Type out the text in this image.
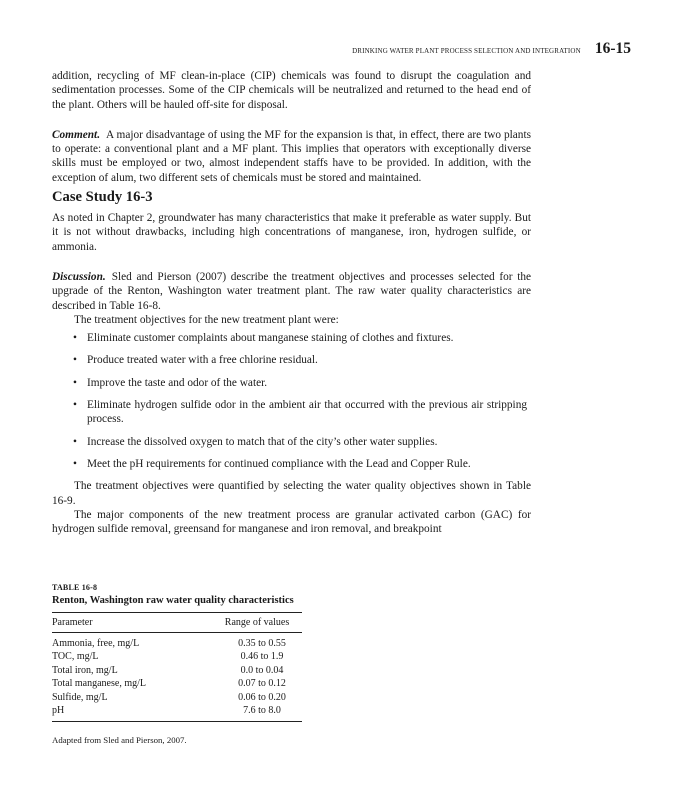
DRINKING WATER PLANT PROCESS SELECTION AND INTEGRATION 16-15

addition, recycling of MF clean-in-place (CIP) chemicals was found to disrupt the coagulation and sedimentation processes. Some of the CIP chemicals will be neutralized and returned to the head end of the plant. Others will be hauled off-site for disposal.

Comment. A major disadvantage of using the MF for the expansion is that, in effect, there are two plants to operate: a conventional plant and a MF plant. This implies that operators with exceptionally diverse skills must be employed or two, almost independent staffs have to be provided. In addition, with the exception of alum, two different sets of chemicals must be stored and maintained.

Case Study 16-3

As noted in Chapter 2, groundwater has many characteristics that make it preferable as water supply. But it is not without drawbacks, including high concentrations of manganese, iron, hydrogen sulfide, or ammonia.

Discussion. Sled and Pierson (2007) describe the treatment objectives and processes selected for the upgrade of the Renton, Washington water treatment plant. The raw water quality characteristics are described in Table 16-8.

The treatment objectives for the new treatment plant were:

• Eliminate customer complaints about manganese staining of clothes and fixtures.
• Produce treated water with a free chlorine residual.
• Improve the taste and odor of the water.
• Eliminate hydrogen sulfide odor in the ambient air that occurred with the previous air stripping process.
• Increase the dissolved oxygen to match that of the city’s other water supplies.
• Meet the pH requirements for continued compliance with the Lead and Copper Rule.

The treatment objectives were quantified by selecting the water quality objectives shown in Table 16-9.

The major components of the new treatment process are granular activated carbon (GAC) for hydrogen sulfide removal, greensand for manganese and iron removal, and breakpoint

TABLE 16-8
Renton, Washington raw water quality characteristics
Parameter	Range of values
Ammonia, free, mg/L	0.35 to 0.55
TOC, mg/L	0.46 to 1.9
Total iron, mg/L	0.0 to 0.04
Total manganese, mg/L	0.07 to 0.12
Sulfide, mg/L	0.06 to 0.20
pH	7.6 to 8.0
Adapted from Sled and Pierson, 2007.
